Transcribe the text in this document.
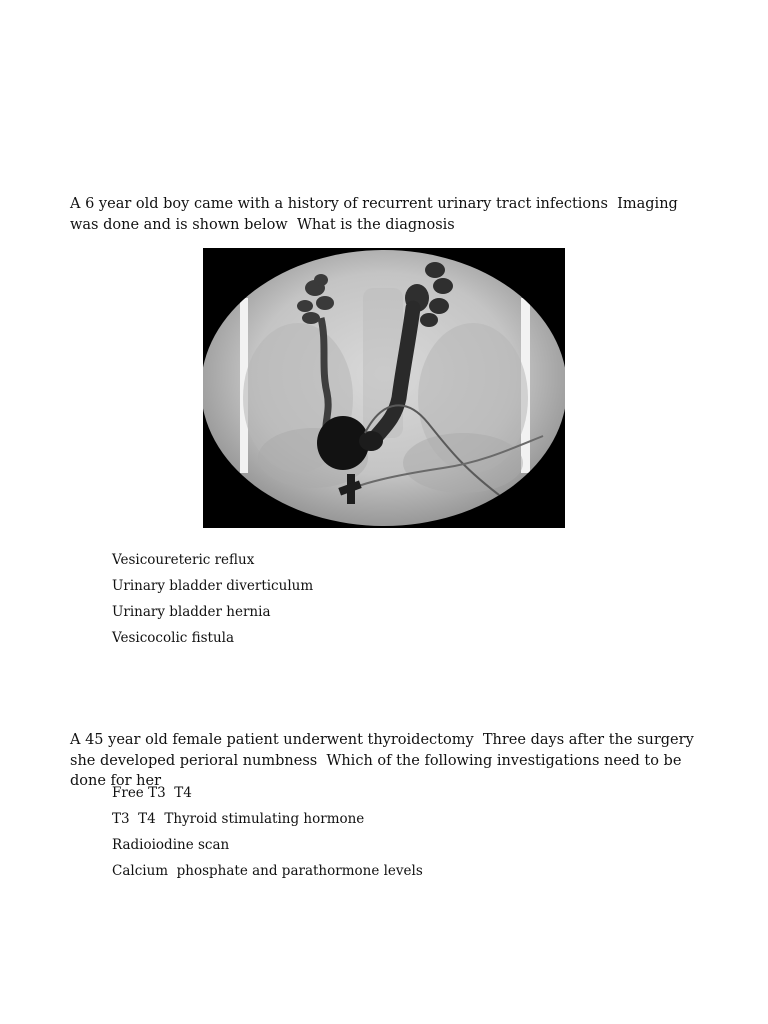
A 6 year old boy came with a history of recurrent urinary tract infections  Imaging was done and is shown below  What is the diagnosis

Vesicoureteric reflux
Urinary bladder diverticulum
Urinary bladder hernia
Vesicocolic fistula

A 45 year old female patient underwent thyroidectomy  Three days after the surgery  she developed perioral numbness  Which of the following investigations need to be done for her

Free T3  T4
T3  T4  Thyroid stimulating hormone
Radioiodine scan
Calcium  phosphate and parathormone levels
